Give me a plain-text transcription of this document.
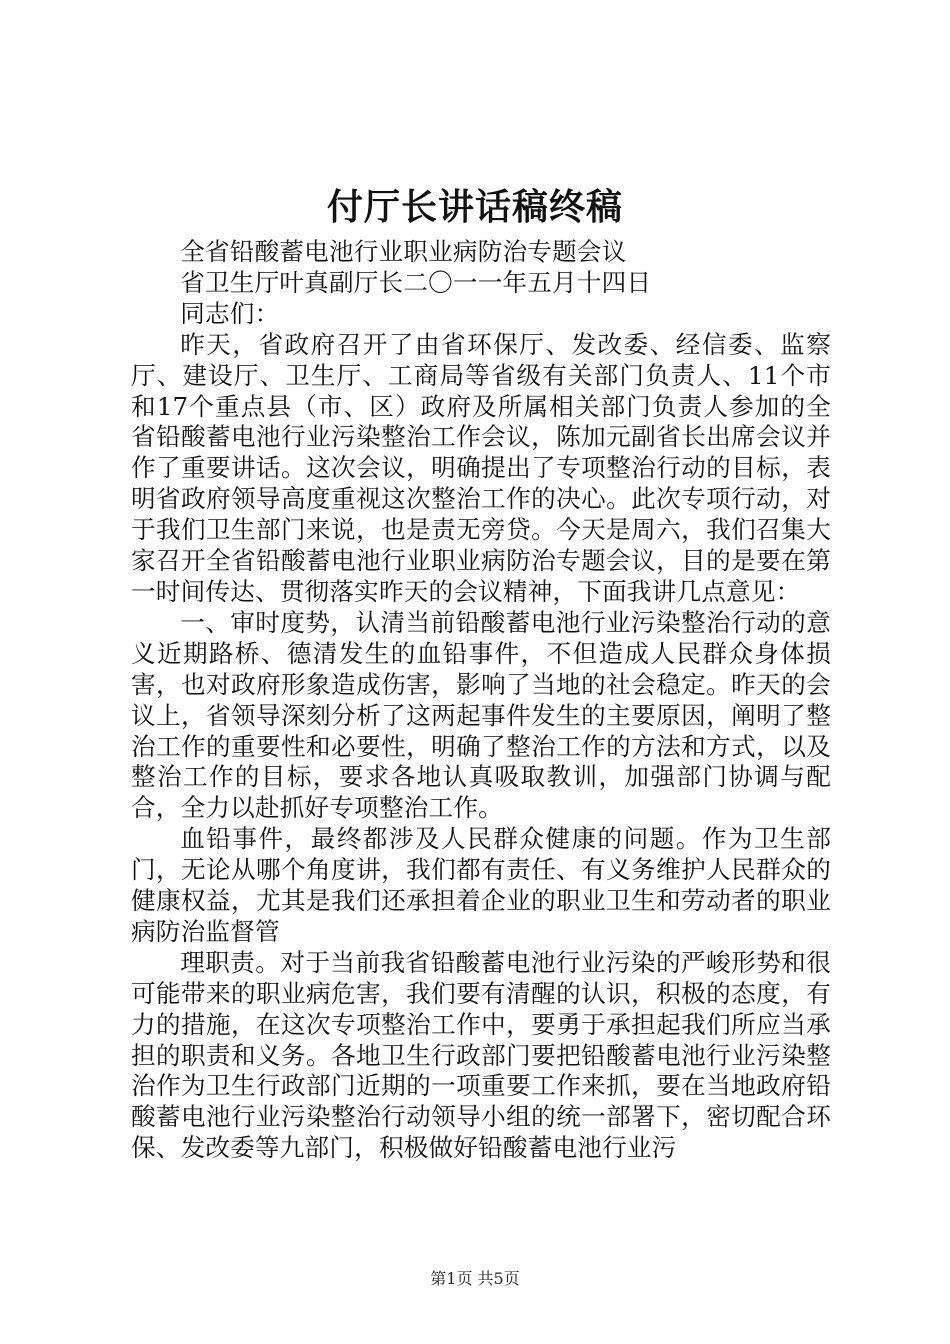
付厅长讲话稿终稿

全省铅酸蓄电池行业职业病防治专题会议

省卫生厅叶真副厅长二〇一一年五月十四日

同志们：

昨天，省政府召开了由省环保厅、发改委、经信委、监察厅、建设厅、卫生厅、工商局等省级有关部门负责人、11个市和17个重点县（市、区）政府及所属相关部门负责人参加的全省铅酸蓄电池行业污染整治工作会议，陈加元副省长出席会议并作了重要讲话。这次会议，明确提出了专项整治行动的目标，表明省政府领导高度重视这次整治工作的决心。此次专项行动，对于我们卫生部门来说，也是责无旁贷。今天是周六，我们召集大家召开全省铅酸蓄电池行业职业病防治专题会议，目的是要在第一时间传达、贯彻落实昨天的会议精神，下面我讲几点意见：

一、审时度势，认清当前铅酸蓄电池行业污染整治行动的意义近期路桥、德清发生的血铅事件，不但造成人民群众身体损害，也对政府形象造成伤害，影响了当地的社会稳定。昨天的会议上，省领导深刻分析了这两起事件发生的主要原因，阐明了整治工作的重要性和必要性，明确了整治工作的方法和方式，以及整治工作的目标，要求各地认真吸取教训，加强部门协调与配合，全力以赴抓好专项整治工作。

血铅事件，最终都涉及人民群众健康的问题。作为卫生部门，无论从哪个角度讲，我们都有责任、有义务维护人民群众的健康权益，尤其是我们还承担着企业的职业卫生和劳动者的职业病防治监督管

理职责。对于当前我省铅酸蓄电池行业污染的严峻形势和很可能带来的职业病危害，我们要有清醒的认识，积极的态度，有力的措施，在这次专项整治工作中，要勇于承担起我们所应当承担的职责和义务。各地卫生行政部门要把铅酸蓄电池行业污染整治作为卫生行政部门近期的一项重要工作来抓，要在当地政府铅酸蓄电池行业污染整治行动领导小组的统一部署下，密切配合环保、发改委等九部门，积极做好铅酸蓄电池行业污

第1页 共5页
